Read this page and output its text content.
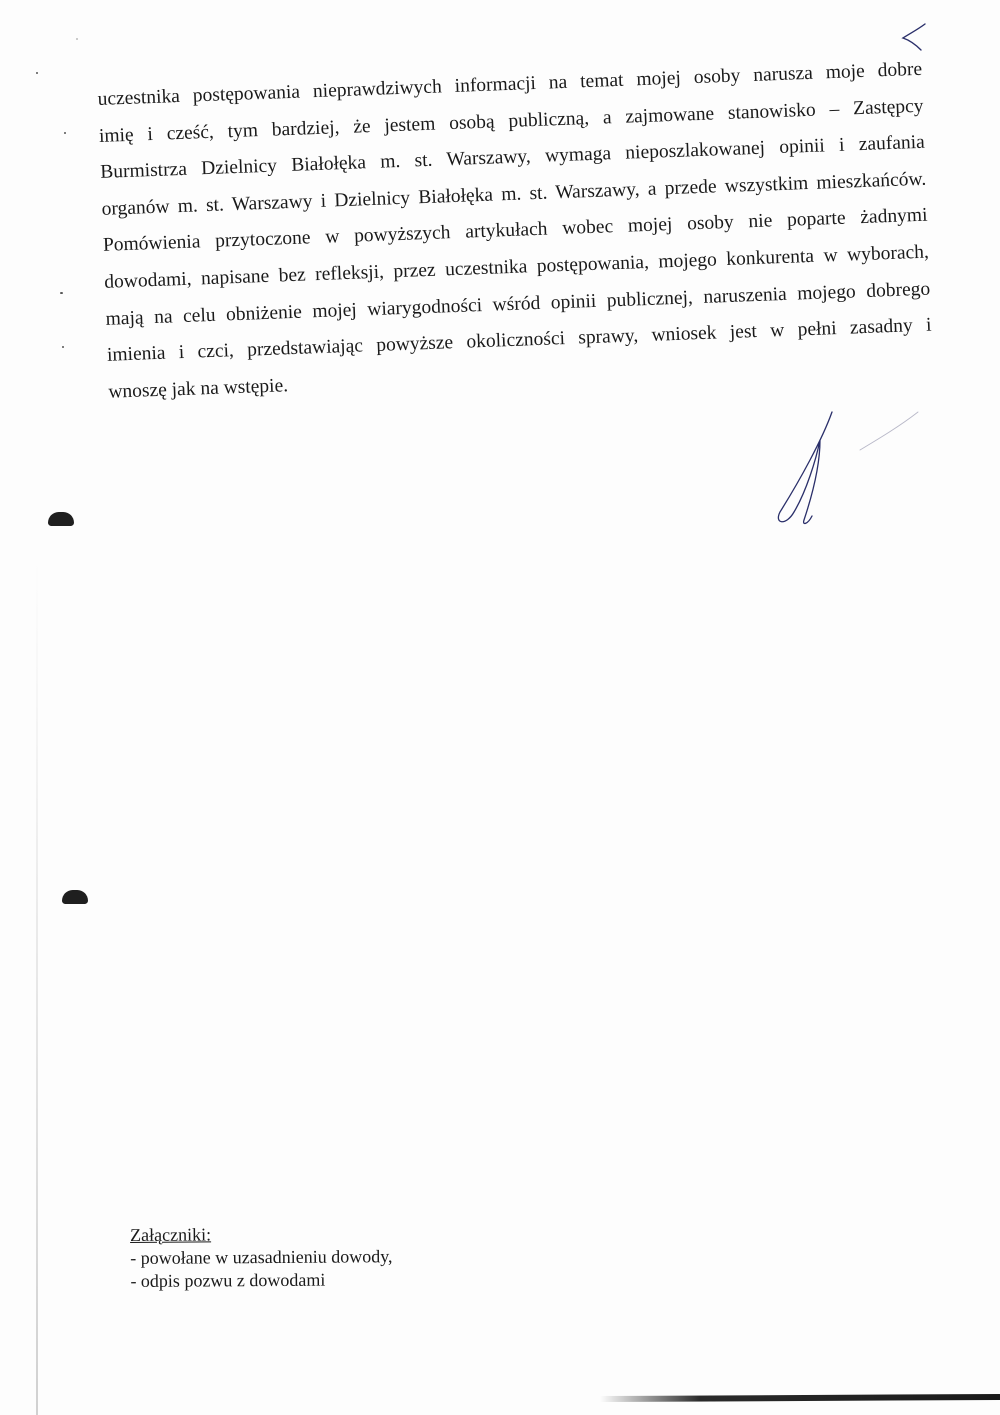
uczestnika postępowania nieprawdziwych informacji na temat mojej osoby narusza moje dobre
imię i cześć, tym bardziej, że jestem osobą publiczną, a zajmowane stanowisko – Zastępcy
Burmistrza Dzielnicy Białołęka m. st. Warszawy, wymaga nieposzlakowanej opinii i zaufania
organów m. st. Warszawy i Dzielnicy Białołęka m. st. Warszawy, a przede wszystkim mieszkańców.
Pomówienia przytoczone w powyższych artykułach wobec mojej osoby nie poparte żadnymi
dowodami, napisane bez refleksji, przez uczestnika postępowania, mojego konkurenta w wyborach,
mają na celu obniżenie mojej wiarygodności wśród opinii publicznej, naruszenia mojego dobrego
imienia i czci, przedstawiając powyższe okoliczności sprawy, wniosek jest w pełni zasadny i
wnoszę jak na wstępie.
Załączniki:
- powołane w uzasadnieniu dowody,
- odpis pozwu z dowodami
